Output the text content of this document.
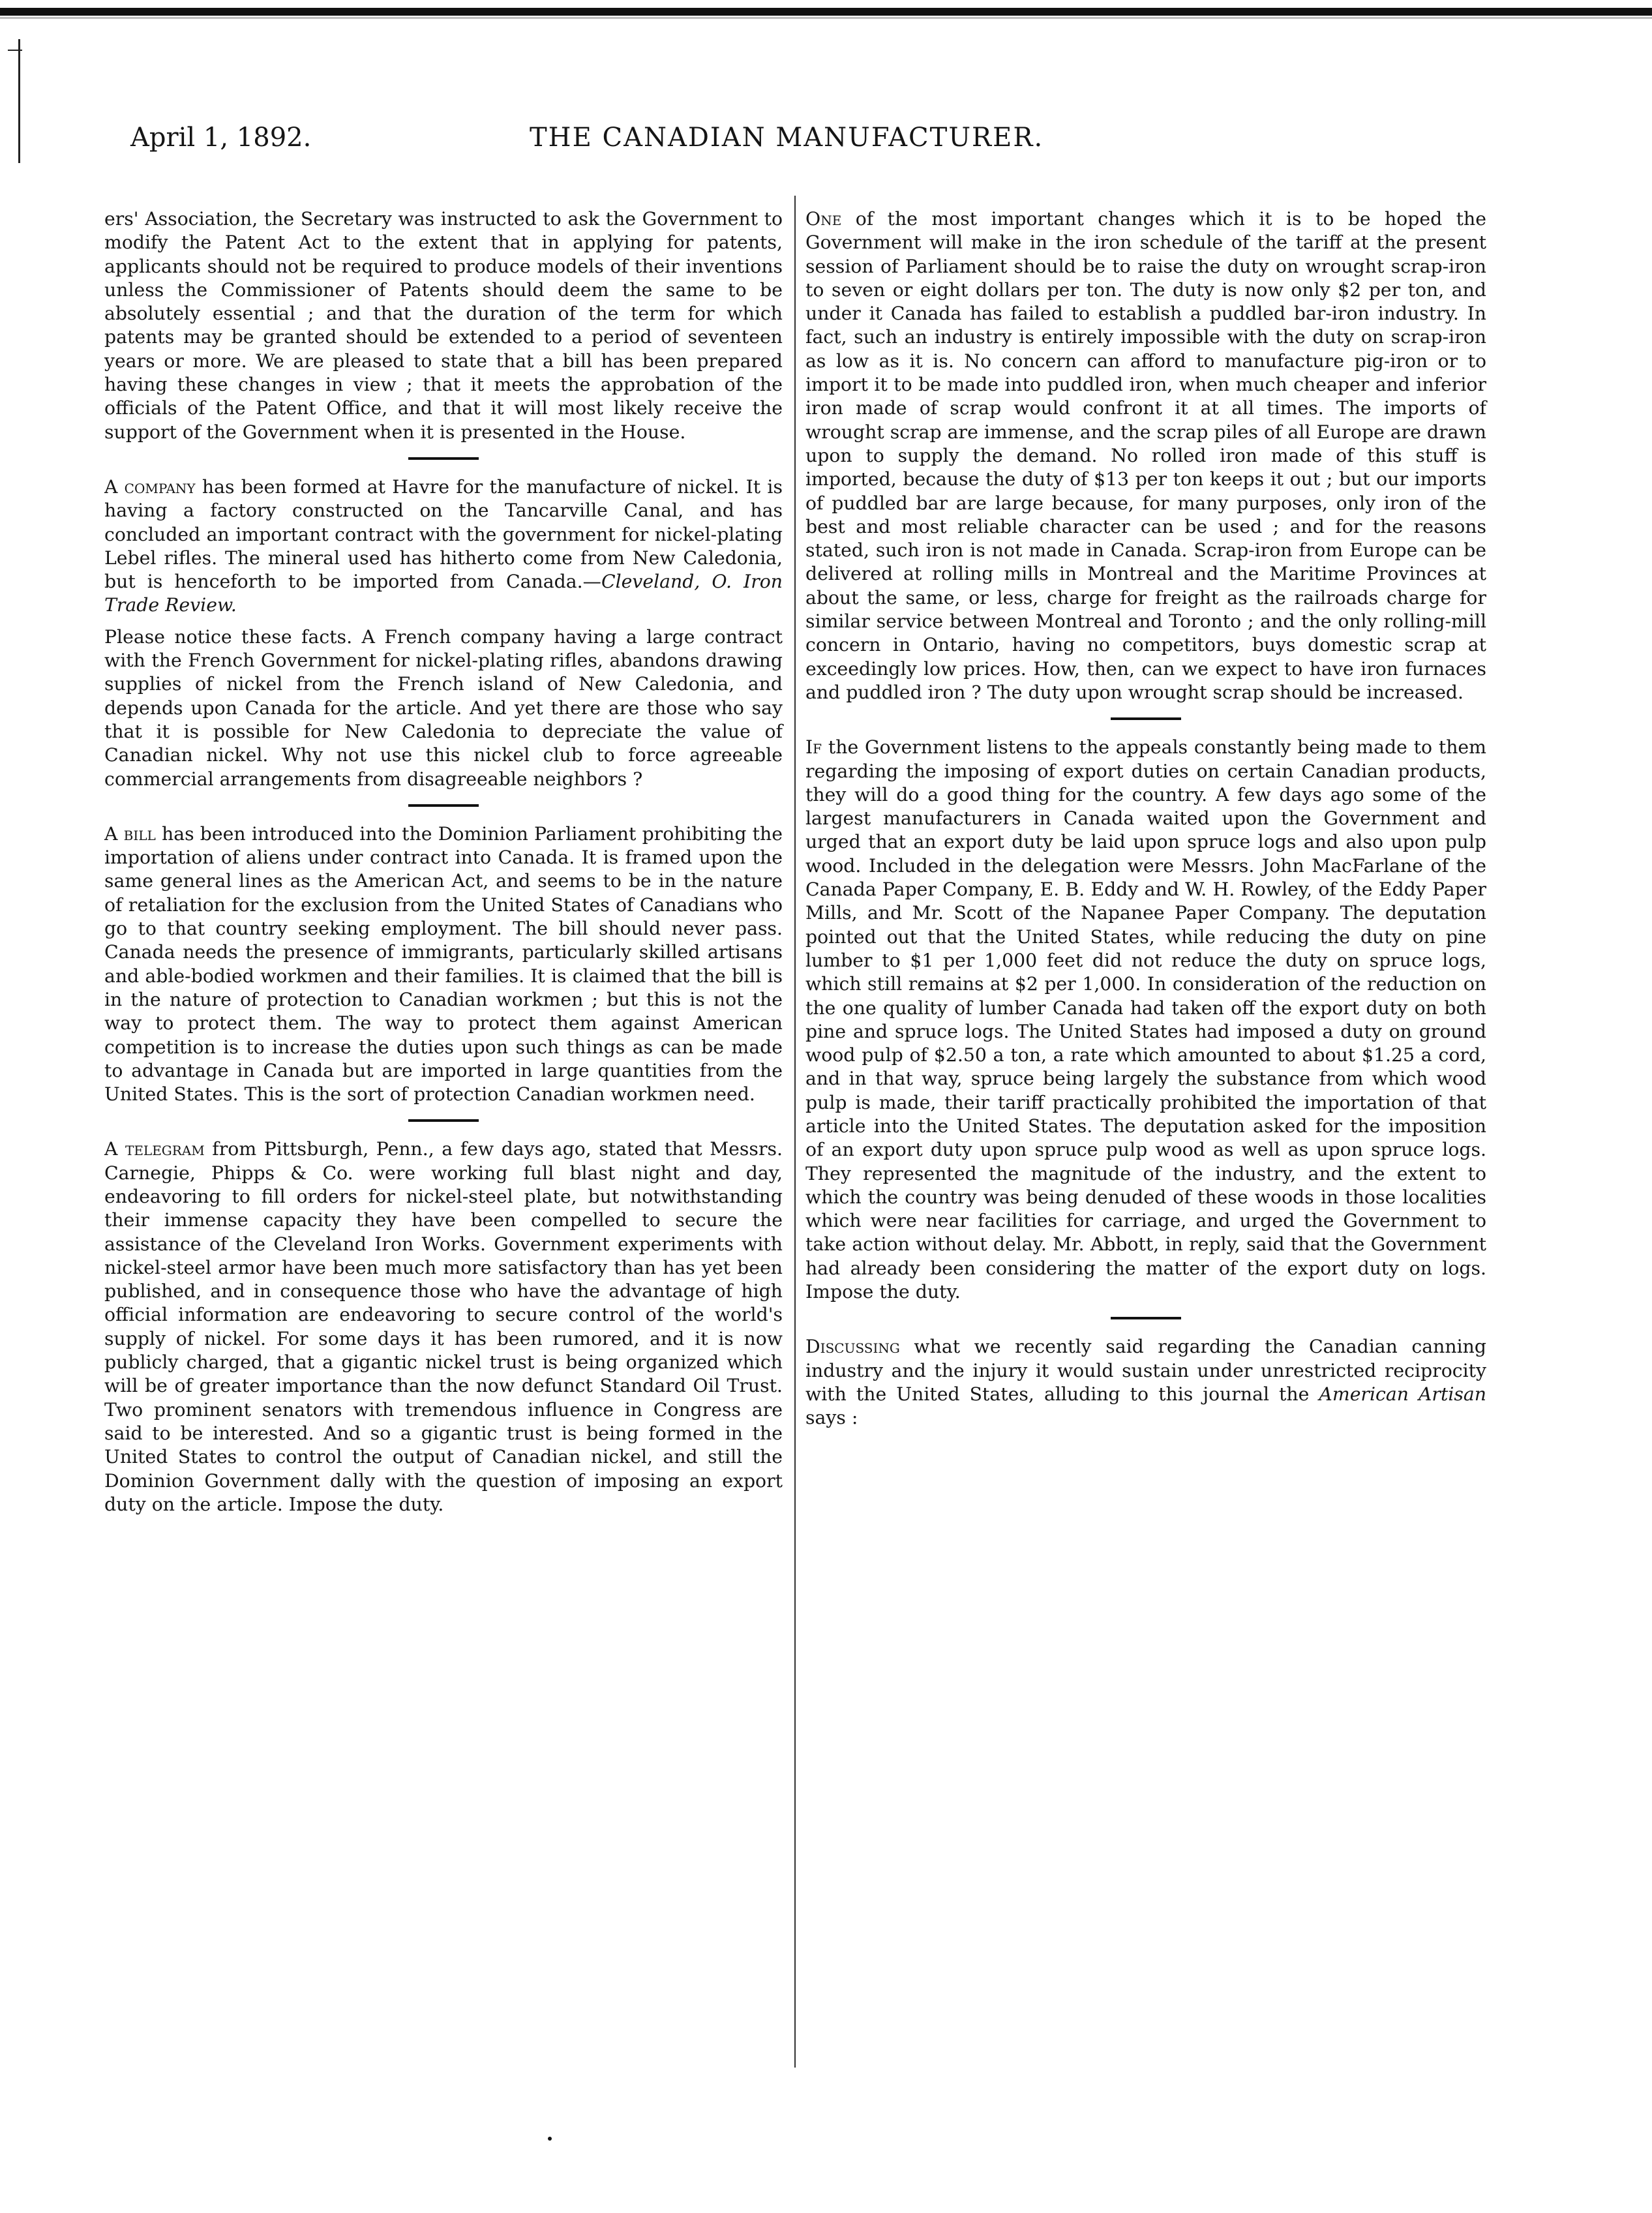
April 1, 1892.	THE CANADIAN MANUFACTURER.

ers' Association, the Secretary was instructed to ask the Government to modify the Patent Act to the extent that in applying for patents, applicants should not be required to produce models of their inventions unless the Commissioner of Patents should deem the same to be absolutely essential ; and that the duration of the term for which patents may be granted should be extended to a period of seventeen years or more. We are pleased to state that a bill has been prepared having these changes in view ; that it meets the approbation of the officials of the Patent Office, and that it will most likely receive the support of the Government when it is presented in the House.

A company has been formed at Havre for the manufacture of nickel. It is having a factory constructed on the Tancarville Canal, and has concluded an important contract with the government for nickel-plating Lebel rifles. The mineral used has hitherto come from New Caledonia, but is henceforth to be imported from Canada.—Cleveland, O. Iron Trade Review.

Please notice these facts. A French company having a large contract with the French Government for nickel-plating rifles, abandons drawing supplies of nickel from the French island of New Caledonia, and depends upon Canada for the article. And yet there are those who say that it is possible for New Caledonia to depreciate the value of Canadian nickel. Why not use this nickel club to force agreeable commercial arrangements from disagreeable neighbors ?

A bill has been introduced into the Dominion Parliament prohibiting the importation of aliens under contract into Canada. It is framed upon the same general lines as the American Act, and seems to be in the nature of retaliation for the exclusion from the United States of Canadians who go to that country seeking employment. The bill should never pass. Canada needs the presence of immigrants, particularly skilled artisans and able-bodied workmen and their families. It is claimed that the bill is in the nature of protection to Canadian workmen ; but this is not the way to protect them. The way to protect them against American competition is to increase the duties upon such things as can be made to advantage in Canada but are imported in large quantities from the United States. This is the sort of protection Canadian workmen need.

A telegram from Pittsburgh, Penn., a few days ago, stated that Messrs. Carnegie, Phipps & Co. were working full blast night and day, endeavoring to fill orders for nickel-steel plate, but notwithstanding their immense capacity they have been compelled to secure the assistance of the Cleveland Iron Works. Government experiments with nickel-steel armor have been much more satisfactory than has yet been published, and in consequence those who have the advantage of high official information are endeavoring to secure control of the world's supply of nickel. For some days it has been rumored, and it is now publicly charged, that a gigantic nickel trust is being organized which will be of greater importance than the now defunct Standard Oil Trust. Two prominent senators with tremendous influence in Congress are said to be interested. And so a gigantic trust is being formed in the United States to control the output of Canadian nickel, and still the Dominion Government dally with the question of imposing an export duty on the article. Impose the duty.

One of the most important changes which it is to be hoped the Government will make in the iron schedule of the tariff at the present session of Parliament should be to raise the duty on wrought scrap-iron to seven or eight dollars per ton. The duty is now only $2 per ton, and under it Canada has failed to establish a puddled bar-iron industry. In fact, such an industry is entirely impossible with the duty on scrap-iron as low as it is. No concern can afford to manufacture pig-iron or to import it to be made into puddled iron, when much cheaper and inferior iron made of scrap would confront it at all times. The imports of wrought scrap are immense, and the scrap piles of all Europe are drawn upon to supply the demand. No rolled iron made of this stuff is imported, because the duty of $13 per ton keeps it out ; but our imports of puddled bar are large because, for many purposes, only iron of the best and most reliable character can be used ; and for the reasons stated, such iron is not made in Canada. Scrap-iron from Europe can be delivered at rolling mills in Montreal and the Maritime Provinces at about the same, or less, charge for freight as the railroads charge for similar service between Montreal and Toronto ; and the only rolling-mill concern in Ontario, having no competitors, buys domestic scrap at exceedingly low prices. How, then, can we expect to have iron furnaces and puddled iron ? The duty upon wrought scrap should be increased.

If the Government listens to the appeals constantly being made to them regarding the imposing of export duties on certain Canadian products, they will do a good thing for the country. A few days ago some of the largest manufacturers in Canada waited upon the Government and urged that an export duty be laid upon spruce logs and also upon pulp wood. Included in the delegation were Messrs. John MacFarlane of the Canada Paper Company, E. B. Eddy and W. H. Rowley, of the Eddy Paper Mills, and Mr. Scott of the Napanee Paper Company. The deputation pointed out that the United States, while reducing the duty on pine lumber to $1 per 1,000 feet did not reduce the duty on spruce logs, which still remains at $2 per 1,000. In consideration of the reduction on the one quality of lumber Canada had taken off the export duty on both pine and spruce logs. The United States had imposed a duty on ground wood pulp of $2.50 a ton, a rate which amounted to about $1.25 a cord, and in that way, spruce being largely the substance from which wood pulp is made, their tariff practically prohibited the importation of that article into the United States. The deputation asked for the imposition of an export duty upon spruce pulp wood as well as upon spruce logs. They represented the magnitude of the industry, and the extent to which the country was being denuded of these woods in those localities which were near facilities for carriage, and urged the Government to take action without delay. Mr. Abbott, in reply, said that the Government had already been considering the matter of the export duty on logs. Impose the duty.

Discussing what we recently said regarding the Canadian canning industry and the injury it would sustain under unrestricted reciprocity with the United States, alluding to this journal the American Artisan says :
